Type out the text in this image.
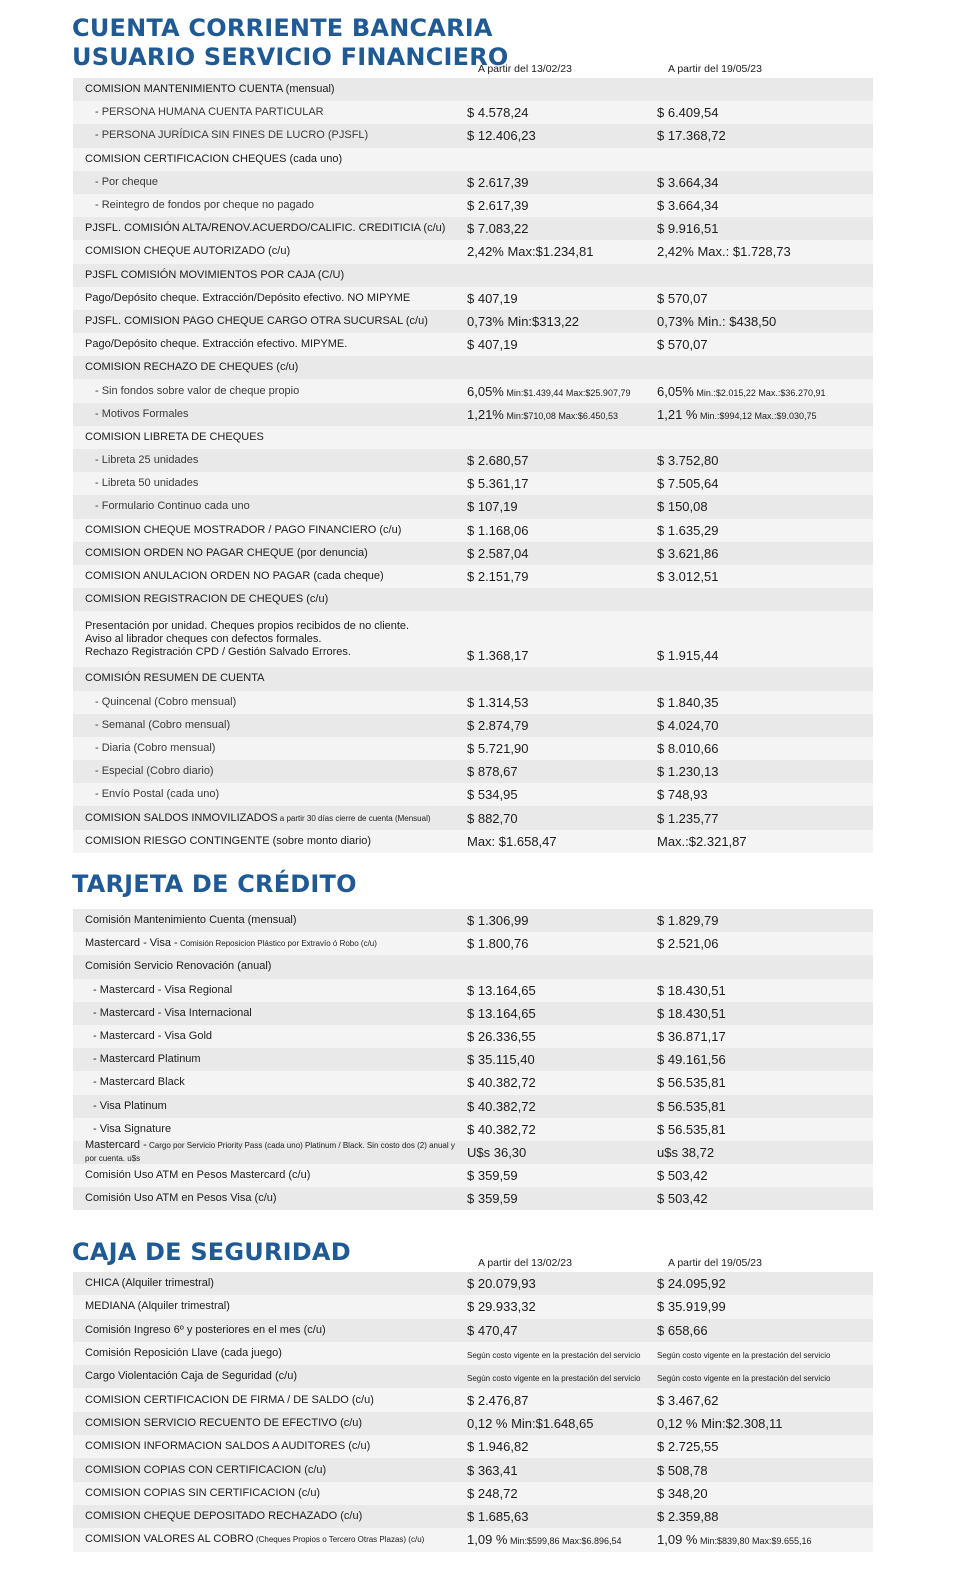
CUENTA CORRIENTE BANCARIA
USUARIO SERVICIO FINANCIERO
A partir del 13/02/23	A partir del 19/05/23
COMISION MANTENIMIENTO CUENTA (mensual)
- PERSONA HUMANA CUENTA PARTICULAR	$ 4.578,24	$ 6.409,54
- PERSONA JURÍDICA SIN FINES DE LUCRO (PJSFL)	$ 12.406,23	$ 17.368,72
COMISION CERTIFICACION CHEQUES (cada uno)
- Por cheque	$ 2.617,39	$ 3.664,34
- Reintegro de fondos por cheque no pagado	$ 2.617,39	$ 3.664,34
PJSFL. COMISIÓN ALTA/RENOV.ACUERDO/CALIFIC. CREDITICIA (c/u)	$ 7.083,22	$ 9.916,51
COMISION CHEQUE AUTORIZADO (c/u)	2,42% Max:$1.234,81	2,42% Max.: $1.728,73
PJSFL COMISIÓN MOVIMIENTOS POR CAJA (C/U)
Pago/Depósito cheque. Extracción/Depósito efectivo. NO MIPYME	$ 407,19	$ 570,07
PJSFL. COMISION PAGO CHEQUE CARGO OTRA SUCURSAL (c/u)	0,73% Min:$313,22	0,73% Min.: $438,50
Pago/Depósito cheque. Extracción efectivo. MIPYME.	$ 407,19	$ 570,07
COMISION RECHAZO DE CHEQUES (c/u)
- Sin fondos sobre valor de cheque propio	6,05% Min:$1.439,44 Max:$25.907,79	6,05% Min.:$2.015,22 Max.:$36.270,91
- Motivos Formales	1,21% Min:$710,08 Max:$6.450,53	1,21 % Min.:$994,12 Max.:$9.030,75
COMISION LIBRETA DE CHEQUES
- Libreta 25 unidades	$ 2.680,57	$ 3.752,80
- Libreta 50 unidades	$ 5.361,17	$ 7.505,64
- Formulario Continuo cada uno	$ 107,19	$ 150,08
COMISION CHEQUE MOSTRADOR / PAGO FINANCIERO (c/u)	$ 1.168,06	$ 1.635,29
COMISION ORDEN NO PAGAR CHEQUE (por denuncia)	$ 2.587,04	$ 3.621,86
COMISION ANULACION ORDEN NO PAGAR (cada cheque)	$ 2.151,79	$ 3.012,51
COMISION REGISTRACION DE CHEQUES (c/u)
Presentación por unidad. Cheques propios recibidos de no cliente.
Aviso al librador cheques con defectos formales.
Rechazo Registración CPD / Gestión Salvado Errores.	$ 1.368,17	$ 1.915,44
COMISIÓN RESUMEN DE CUENTA
- Quincenal (Cobro mensual)	$ 1.314,53	$ 1.840,35
- Semanal (Cobro mensual)	$ 2.874,79	$ 4.024,70
- Diaria (Cobro mensual)	$ 5.721,90	$ 8.010,66
- Especial (Cobro diario)	$ 878,67	$ 1.230,13
- Envío Postal (cada uno)	$ 534,95	$ 748,93
COMISION SALDOS INMOVILIZADOS a partir 30 días cierre de cuenta (Mensual)	$ 882,70	$ 1.235,77
COMISION RIESGO CONTINGENTE (sobre monto diario)	Max: $1.658,47	Max.:$2.321,87
TARJETA DE CRÉDITO
Comisión Mantenimiento Cuenta (mensual)	$ 1.306,99	$ 1.829,79
Mastercard - Visa - Comisión Reposicion Plástico por Extravío ó Robo (c/u)	$ 1.800,76	$ 2.521,06
Comisión Servicio Renovación (anual)
- Mastercard - Visa Regional	$ 13.164,65	$ 18.430,51
- Mastercard - Visa Internacional	$ 13.164,65	$ 18.430,51
- Mastercard - Visa Gold	$ 26.336,55	$ 36.871,17
- Mastercard Platinum	$ 35.115,40	$ 49.161,56
- Mastercard Black	$ 40.382,72	$ 56.535,81
- Visa Platinum	$ 40.382,72	$ 56.535,81
- Visa Signature	$ 40.382,72	$ 56.535,81
Mastercard - Cargo por Servicio Priority Pass (cada uno) Platinum / Black. Sin costo dos (2) anual y por cuenta. u$s	U$s 36,30	u$s 38,72
Comisión Uso ATM en Pesos Mastercard (c/u)	$ 359,59	$ 503,42
Comisión Uso ATM en Pesos Visa (c/u)	$ 359,59	$ 503,42
CAJA DE SEGURIDAD	A partir del 13/02/23	A partir del 19/05/23
CHICA (Alquiler trimestral)	$ 20.079,93	$ 24.095,92
MEDIANA (Alquiler trimestral)	$ 29.933,32	$ 35.919,99
Comisión Ingreso 6º y posteriores en el mes (c/u)	$ 470,47	$ 658,66
Comisión Reposición Llave (cada juego)	Según costo vigente en la prestación del servicio	Según costo vigente en la prestación del servicio
Cargo Violentación Caja de Seguridad (c/u)	Según costo vigente en la prestación del servicio	Según costo vigente en la prestación del servicio
COMISION CERTIFICACION DE FIRMA / DE SALDO (c/u)	$ 2.476,87	$ 3.467,62
COMISION SERVICIO RECUENTO DE EFECTIVO (c/u)	0,12 % Min:$1.648,65	0,12 % Min:$2.308,11
COMISION INFORMACION SALDOS A AUDITORES (c/u)	$ 1.946,82	$ 2.725,55
COMISION COPIAS CON CERTIFICACION (c/u)	$ 363,41	$ 508,78
COMISION COPIAS SIN CERTIFICACION (c/u)	$ 248,72	$ 348,20
COMISION CHEQUE DEPOSITADO RECHAZADO (c/u)	$ 1.685,63	$ 2.359,88
COMISION VALORES AL COBRO (Cheques Propios o Tercero Otras Plazas) (c/u)	1,09 % Min:$599,86 Max:$6.896,54	1,09 % Min:$839,80 Max:$9.655,16
